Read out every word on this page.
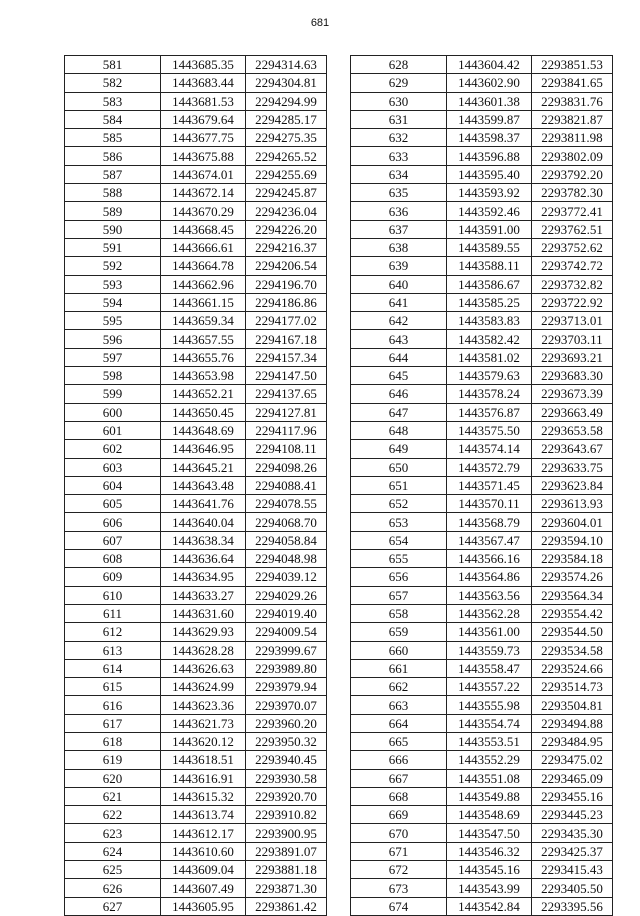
681
581	1443685.35	2294314.63
582	1443683.44	2294304.81
583	1443681.53	2294294.99
584	1443679.64	2294285.17
585	1443677.75	2294275.35
586	1443675.88	2294265.52
587	1443674.01	2294255.69
588	1443672.14	2294245.87
589	1443670.29	2294236.04
590	1443668.45	2294226.20
591	1443666.61	2294216.37
592	1443664.78	2294206.54
593	1443662.96	2294196.70
594	1443661.15	2294186.86
595	1443659.34	2294177.02
596	1443657.55	2294167.18
597	1443655.76	2294157.34
598	1443653.98	2294147.50
599	1443652.21	2294137.65
600	1443650.45	2294127.81
601	1443648.69	2294117.96
602	1443646.95	2294108.11
603	1443645.21	2294098.26
604	1443643.48	2294088.41
605	1443641.76	2294078.55
606	1443640.04	2294068.70
607	1443638.34	2294058.84
608	1443636.64	2294048.98
609	1443634.95	2294039.12
610	1443633.27	2294029.26
611	1443631.60	2294019.40
612	1443629.93	2294009.54
613	1443628.28	2293999.67
614	1443626.63	2293989.80
615	1443624.99	2293979.94
616	1443623.36	2293970.07
617	1443621.73	2293960.20
618	1443620.12	2293950.32
619	1443618.51	2293940.45
620	1443616.91	2293930.58
621	1443615.32	2293920.70
622	1443613.74	2293910.82
623	1443612.17	2293900.95
624	1443610.60	2293891.07
625	1443609.04	2293881.18
626	1443607.49	2293871.30
627	1443605.95	2293861.42
628	1443604.42	2293851.53
629	1443602.90	2293841.65
630	1443601.38	2293831.76
631	1443599.87	2293821.87
632	1443598.37	2293811.98
633	1443596.88	2293802.09
634	1443595.40	2293792.20
635	1443593.92	2293782.30
636	1443592.46	2293772.41
637	1443591.00	2293762.51
638	1443589.55	2293752.62
639	1443588.11	2293742.72
640	1443586.67	2293732.82
641	1443585.25	2293722.92
642	1443583.83	2293713.01
643	1443582.42	2293703.11
644	1443581.02	2293693.21
645	1443579.63	2293683.30
646	1443578.24	2293673.39
647	1443576.87	2293663.49
648	1443575.50	2293653.58
649	1443574.14	2293643.67
650	1443572.79	2293633.75
651	1443571.45	2293623.84
652	1443570.11	2293613.93
653	1443568.79	2293604.01
654	1443567.47	2293594.10
655	1443566.16	2293584.18
656	1443564.86	2293574.26
657	1443563.56	2293564.34
658	1443562.28	2293554.42
659	1443561.00	2293544.50
660	1443559.73	2293534.58
661	1443558.47	2293524.66
662	1443557.22	2293514.73
663	1443555.98	2293504.81
664	1443554.74	2293494.88
665	1443553.51	2293484.95
666	1443552.29	2293475.02
667	1443551.08	2293465.09
668	1443549.88	2293455.16
669	1443548.69	2293445.23
670	1443547.50	2293435.30
671	1443546.32	2293425.37
672	1443545.16	2293415.43
673	1443543.99	2293405.50
674	1443542.84	2293395.56
